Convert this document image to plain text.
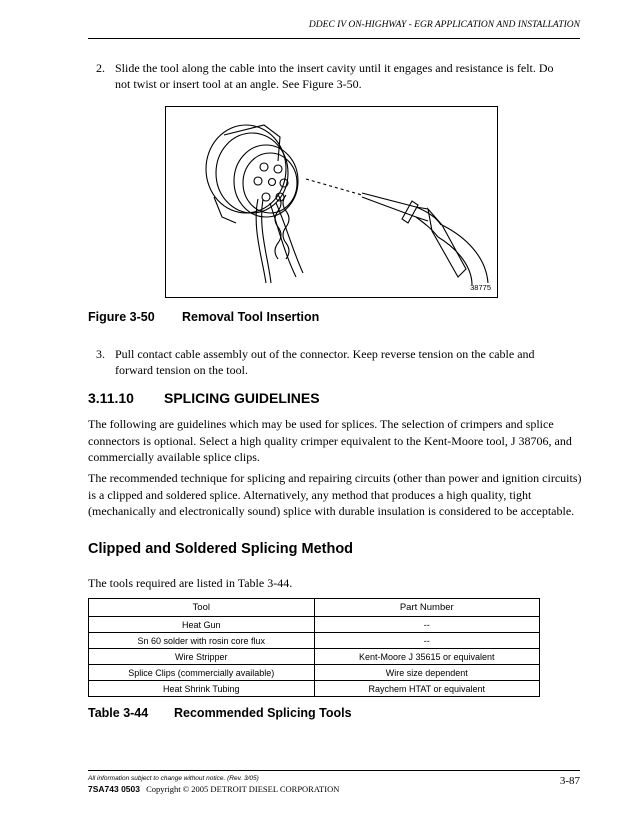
DDEC IV ON-HIGHWAY - EGR APPLICATION AND INSTALLATION
2. Slide the tool along the cable into the insert cavity until it engages and resistance is felt. Do not twist or insert tool at an angle. See Figure 3-50.
38775
Figure 3-50 Removal Tool Insertion
3. Pull contact cable assembly out of the connector. Keep reverse tension on the cable and forward tension on the tool.
3.11.10 SPLICING GUIDELINES
The following are guidelines which may be used for splices. The selection of crimpers and splice connectors is optional. Select a high quality crimper equivalent to the Kent-Moore tool, J 38706, and commercially available splice clips.
The recommended technique for splicing and repairing circuits (other than power and ignition circuits) is a clipped and soldered splice. Alternatively, any method that produces a high quality, tight (mechanically and electronically sound) splice with durable insulation is considered to be acceptable.
Clipped and Soldered Splicing Method
The tools required are listed in Table 3-44.
Tool	Part Number
Heat Gun	--
Sn 60 solder with rosin core flux	--
Wire Stripper	Kent-Moore J 35615 or equivalent
Splice Clips (commercially available)	Wire size dependent
Heat Shrink Tubing	Raychem HTAT or equivalent
Table 3-44 Recommended Splicing Tools
All information subject to change without notice. (Rev. 3/05)
7SA743 0503 Copyright © 2005 DETROIT DIESEL CORPORATION
3-87
